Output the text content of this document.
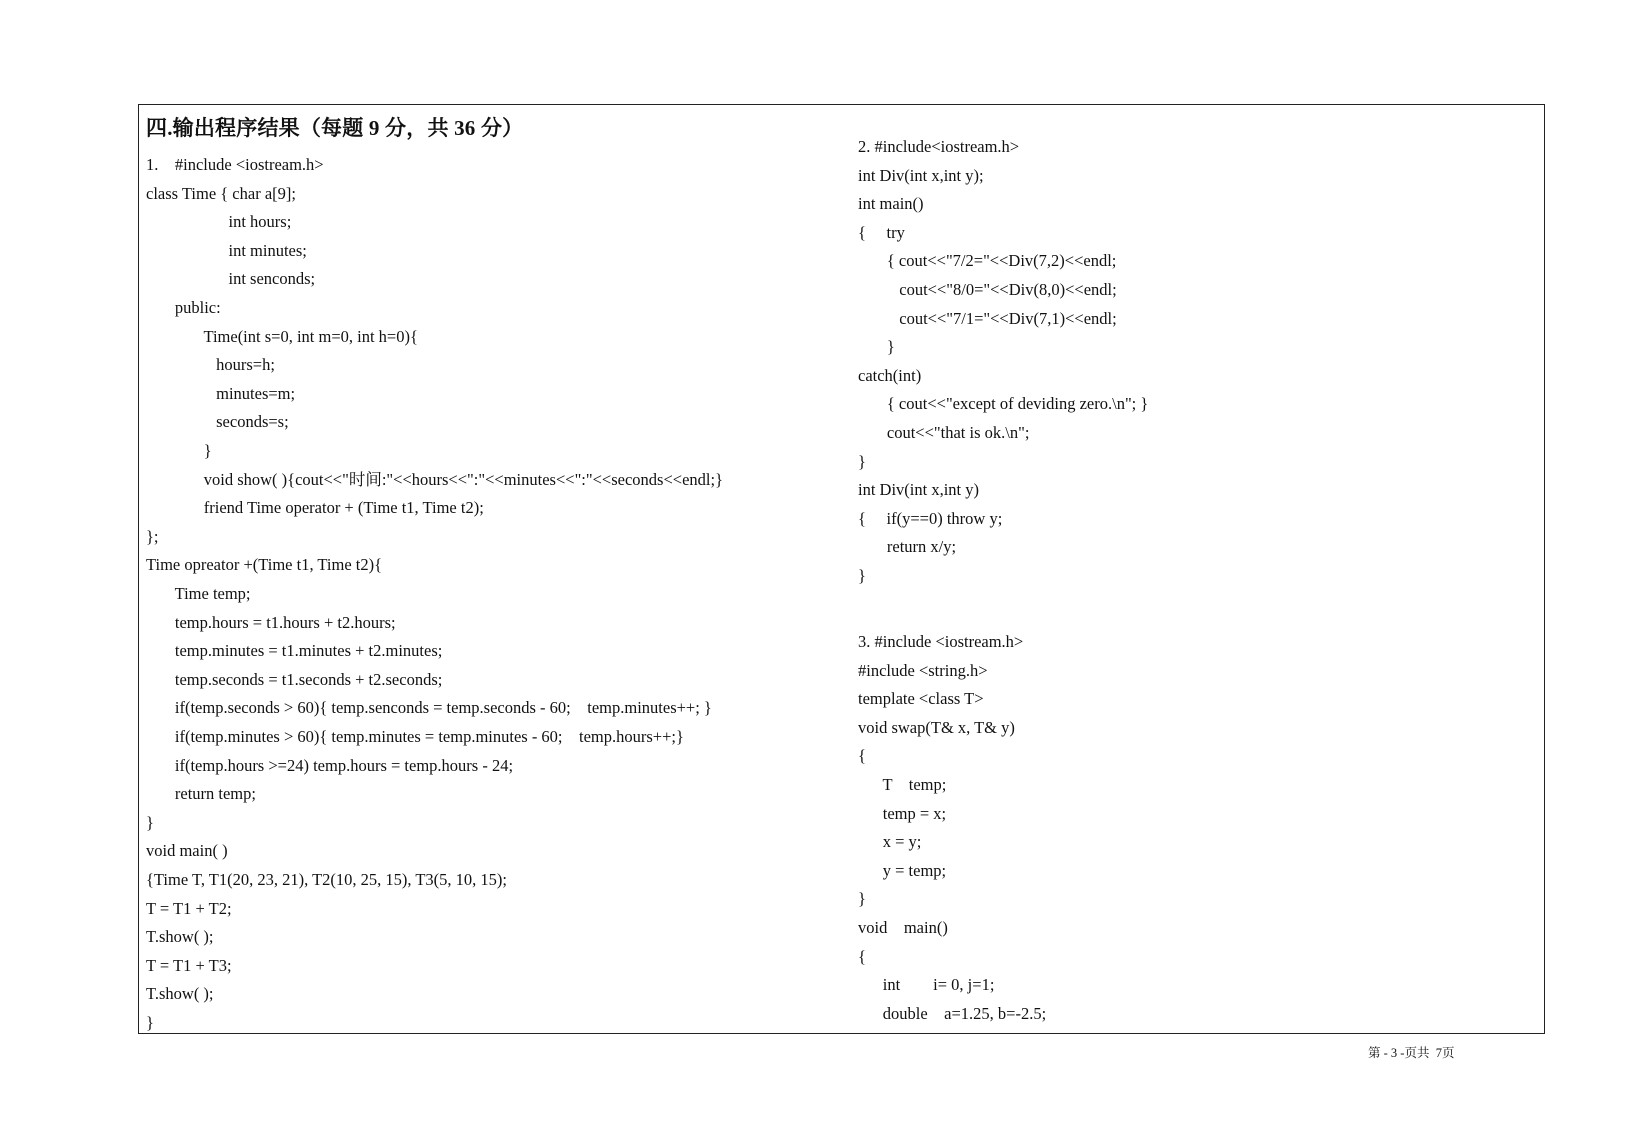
四.输出程序结果（每题 9 分，共 36 分）
1.    #include <iostream.h>
class Time { char a[9];
int hours;
int minutes;
int senconds;
public:
Time(int s=0, int m=0, int h=0){
hours=h;
minutes=m;
seconds=s;
}
void show( ){cout<<"时间:"<<hours<<":"<<minutes<<":"<<seconds<<endl;}
friend Time operator + (Time t1, Time t2);
};
Time opreator +(Time t1, Time t2){
Time temp;
temp.hours = t1.hours + t2.hours;
temp.minutes = t1.minutes + t2.minutes;
temp.seconds = t1.seconds + t2.seconds;
if(temp.seconds > 60){ temp.senconds = temp.seconds - 60;    temp.minutes++; }
if(temp.minutes > 60){ temp.minutes = temp.minutes - 60;    temp.hours++;}
if(temp.hours >=24) temp.hours = temp.hours - 24;
return temp;
}
void main( )
{Time T, T1(20, 23, 21), T2(10, 25, 15), T3(5, 10, 15);
T = T1 + T2;
T.show( );
T = T1 + T3;
T.show( );
}
2. #include<iostream.h>
int Div(int x,int y);
int main()
{     try
{ cout<<"7/2="<<Div(7,2)<<endl;
cout<<"8/0="<<Div(8,0)<<endl;
cout<<"7/1="<<Div(7,1)<<endl;
}
catch(int)
{ cout<<"except of deviding zero.\n"; }
cout<<"that is ok.\n";
}
int Div(int x,int y)
{     if(y==0) throw y;
return x/y;
}
3. #include <iostream.h>
#include <string.h>
template <class T>
void swap(T& x, T& y)
{
T    temp;
temp = x;
x = y;
y = temp;
}
void    main()
{
int        i= 0, j=1;
double    a=1.25, b=-2.5;
第 - 3 -页共  7页
